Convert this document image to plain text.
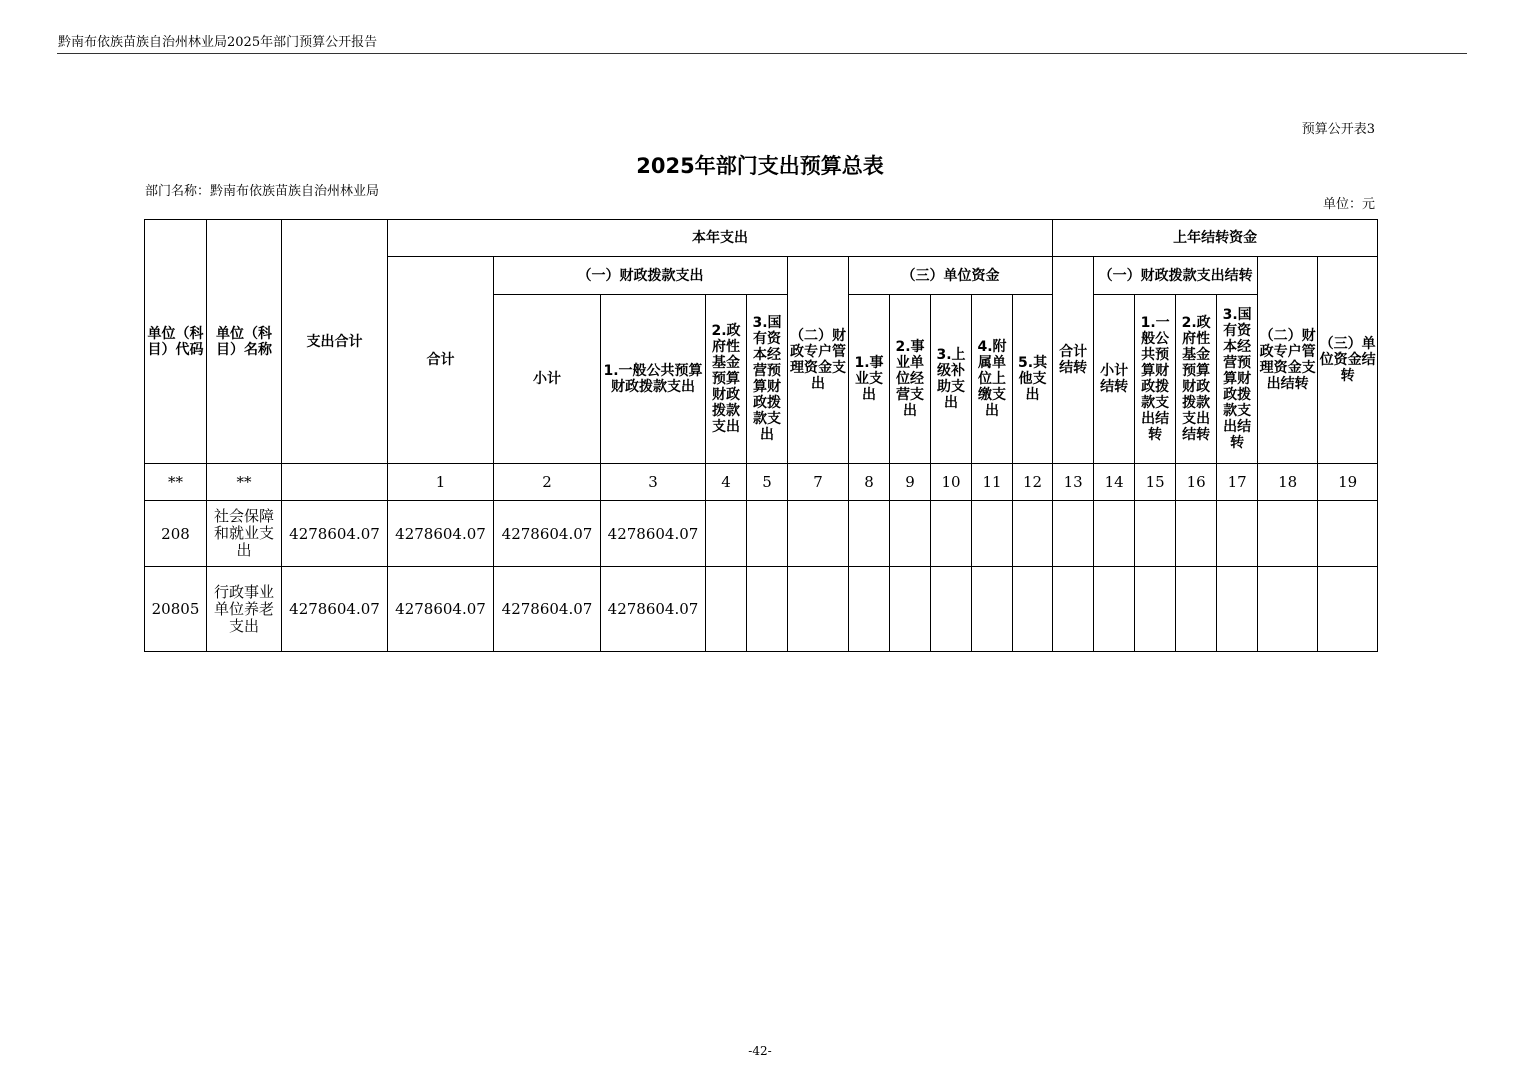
黔南布依族苗族自治州林业局2025年部门预算公开报告
预算公开表3
2025年部门支出预算总表
部门名称：黔南布依族苗族自治州林业局
单位：元
单位（科目）代码	单位（科目）名称	支出合计	本年支出											上年结转资金						
			合计	（一）财政拨款支出				（二）财政专户管理资金支出	（三）单位资金					合计结转	（一）财政拨款支出结转				（二）财政专户管理资金支出结转	（三）单位资金结转
				小计	1.一般公共预算财政拨款支出	2.政府性基金预算财政拨款支出	3.国有资本经营预算财政拨款支出		1.事业支出	2.事业单位经营支出	3.上级补助支出	4.附属单位上缴支出	5.其他支出		小计结转	1.一般公共预算财政拨款支出结转	2.政府性基金预算财政拨款支出结转	3.国有资本经营预算财政拨款支出结转		
**	**		1	2	3	4	5	7	8	9	10	11	12	13	14	15	16	17	18	19
208	社会保障和就业支出	4278604.07	4278604.07	4278604.07	4278604.07															
20805	行政事业单位养老支出	4278604.07	4278604.07	4278604.07	4278604.07															
-42-
